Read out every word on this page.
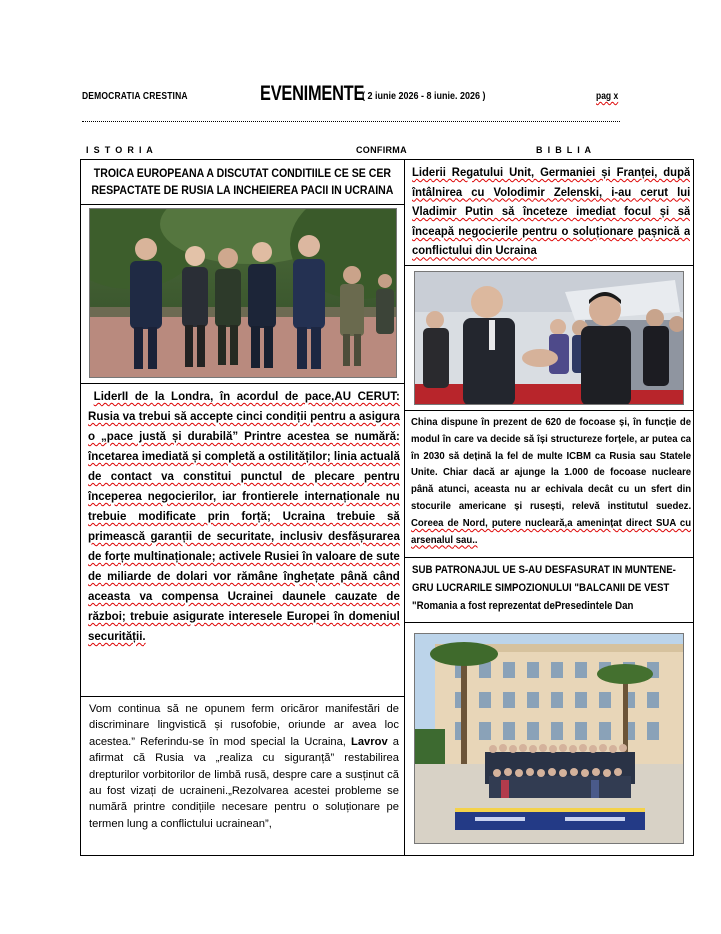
DEMOCRATIA CRESTINA	EVENIMENTE
( 2 iunie 2026 - 8 iunie. 2026 )	pag x
I S T O R I A	CONFIRMA	B I B L I A
TROICA EUROPEANA A DISCUTAT CONDITIILE CE SE CER RESPACTATE DE RUSIA LA INCHEIEREA PACII IN UCRAINA

LiderII de la Londra, în acordul de pace,AU CERUT: Rusia va trebui să accepte cinci condiții pentru a asigura o „pace justă și durabilă” Printre acestea se numără: încetarea imediată și completă a ostilităților; linia actuală de contact va constitui punctul de plecare pentru începerea negocierilor, iar frontierele internaționale nu trebuie modificate prin forță; Ucraina trebuie să primească garanții de securitate, inclusiv desfășurarea de forțe multinaționale; activele Rusiei în valoare de sute de miliarde de dolari vor rămâne înghețate până când aceasta va compensa Ucrainei daunele cauzate de război; trebuie asigurate interesele Europei în domeniul securității.

Vom continua să ne opunem ferm oricăror manifestări de discriminare lingvistică și rusofobie, oriunde ar avea loc acestea.” Referindu-se în mod special la Ucraina, Lavrov a afirmat că Rusia va „realiza cu siguranță” restabilirea drepturilor vorbitorilor de limbă rusă, despre care a susținut că au fost vizați de ucraineni.„Rezolvarea acestei probleme se numără printre condițiile necesare pentru o soluționare pe termen lung a conflictului ucrainean”,

Liderii Regatului Unit, Germaniei și Franței, după întâlnirea cu Volodimir Zelenski, i-au cerut lui Vladimir Putin să înceteze imediat focul și să înceapă negocierile pentru o soluționare pașnică a conflictului din Ucraina

China dispune în prezent de 620 de focoase și, în funcție de modul în care va decide să își structureze forțele, ar putea ca în 2030 să dețină la fel de multe ICBM ca Rusia sau Statele Unite. Chiar dacă ar ajunge la 1.000 de focoase nucleare până atunci, aceasta nu ar echivala decât cu un sfert din stocurile americane și rusești, relevă institutul suedez. Coreea de Nord, putere nucleară,a amenințat direct SUA cu arsenalul sau..

SUB PATRONAJUL UE S-AU DESFASURAT IN MUNTENE-
GRU LUCRARILE SIMPOZIONULUI "BALCANII DE VEST
"Romania a fost reprezentat dePresedintele Dan
